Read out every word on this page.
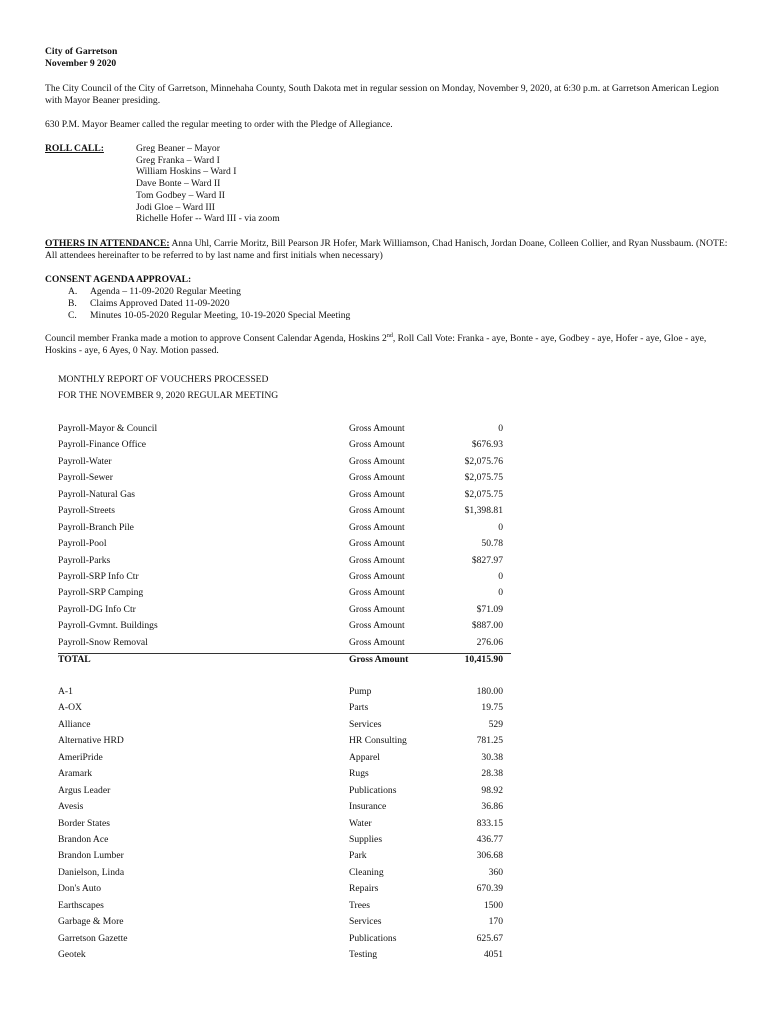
City of Garretson
November 9 2020
The City Council of the City of Garretson, Minnehaha County, South Dakota met in regular session on Monday, November 9, 2020, at 6:30 p.m. at Garretson American Legion with Mayor Beaner presiding.
630 P.M. Mayor Beamer called the regular meeting to order with the Pledge of Allegiance.
ROLL CALL:	Greg Beaner – Mayor
Greg Franka – Ward I
William Hoskins – Ward I
Dave Bonte – Ward II
Tom Godbey – Ward II
Jodi Gloe – Ward III
Richelle Hofer -- Ward III - via zoom
OTHERS IN ATTENDANCE: Anna Uhl, Carrie Moritz, Bill Pearson JR Hofer, Mark Williamson, Chad Hanisch, Jordan Doane, Colleen Collier, and Ryan Nussbaum. (NOTE: All attendees hereinafter to be referred to by last name and first initials when necessary)
CONSENT AGENDA APPROVAL:
A.	Agenda – 11-09-2020 Regular Meeting
B.	Claims Approved Dated 11-09-2020
C.	Minutes 10-05-2020 Regular Meeting, 10-19-2020 Special Meeting
Council member Franka made a motion to approve Consent Calendar Agenda, Hoskins 2nd, Roll Call Vote: Franka - aye, Bonte - aye, Godbey - aye, Hofer - aye, Gloe - aye, Hoskins - aye, 6 Ayes, 0 Nay. Motion passed.
MONTHLY REPORT OF VOUCHERS PROCESSED
FOR THE NOVEMBER 9, 2020 REGULAR MEETING
Payroll-Mayor & Council	Gross Amount	0
Payroll-Finance Office	Gross Amount	$676.93
Payroll-Water	Gross Amount	$2,075.76
Payroll-Sewer	Gross Amount	$2,075.75
Payroll-Natural Gas	Gross Amount	$2,075.75
Payroll-Streets	Gross Amount	$1,398.81
Payroll-Branch Pile	Gross Amount	0
Payroll-Pool	Gross Amount	50.78
Payroll-Parks	Gross Amount	$827.97
Payroll-SRP Info Ctr	Gross Amount	0
Payroll-SRP Camping	Gross Amount	0
Payroll-DG Info Ctr	Gross Amount	$71.09
Payroll-Gvmnt. Buildings	Gross Amount	$887.00
Payroll-Snow Removal	Gross Amount	276.06
TOTAL	Gross Amount	10,415.90
A-1	Pump	180.00
A-OX	Parts	19.75
Alliance	Services	529
Alternative HRD	HR Consulting	781.25
AmeriPride	Apparel	30.38
Aramark	Rugs	28.38
Argus Leader	Publications	98.92
Avesis	Insurance	36.86
Border States	Water	833.15
Brandon Ace	Supplies	436.77
Brandon Lumber	Park	306.68
Danielson, Linda	Cleaning	360
Don's Auto	Repairs	670.39
Earthscapes	Trees	1500
Garbage & More	Services	170
Garretson Gazette	Publications	625.67
Geotek	Testing	4051
